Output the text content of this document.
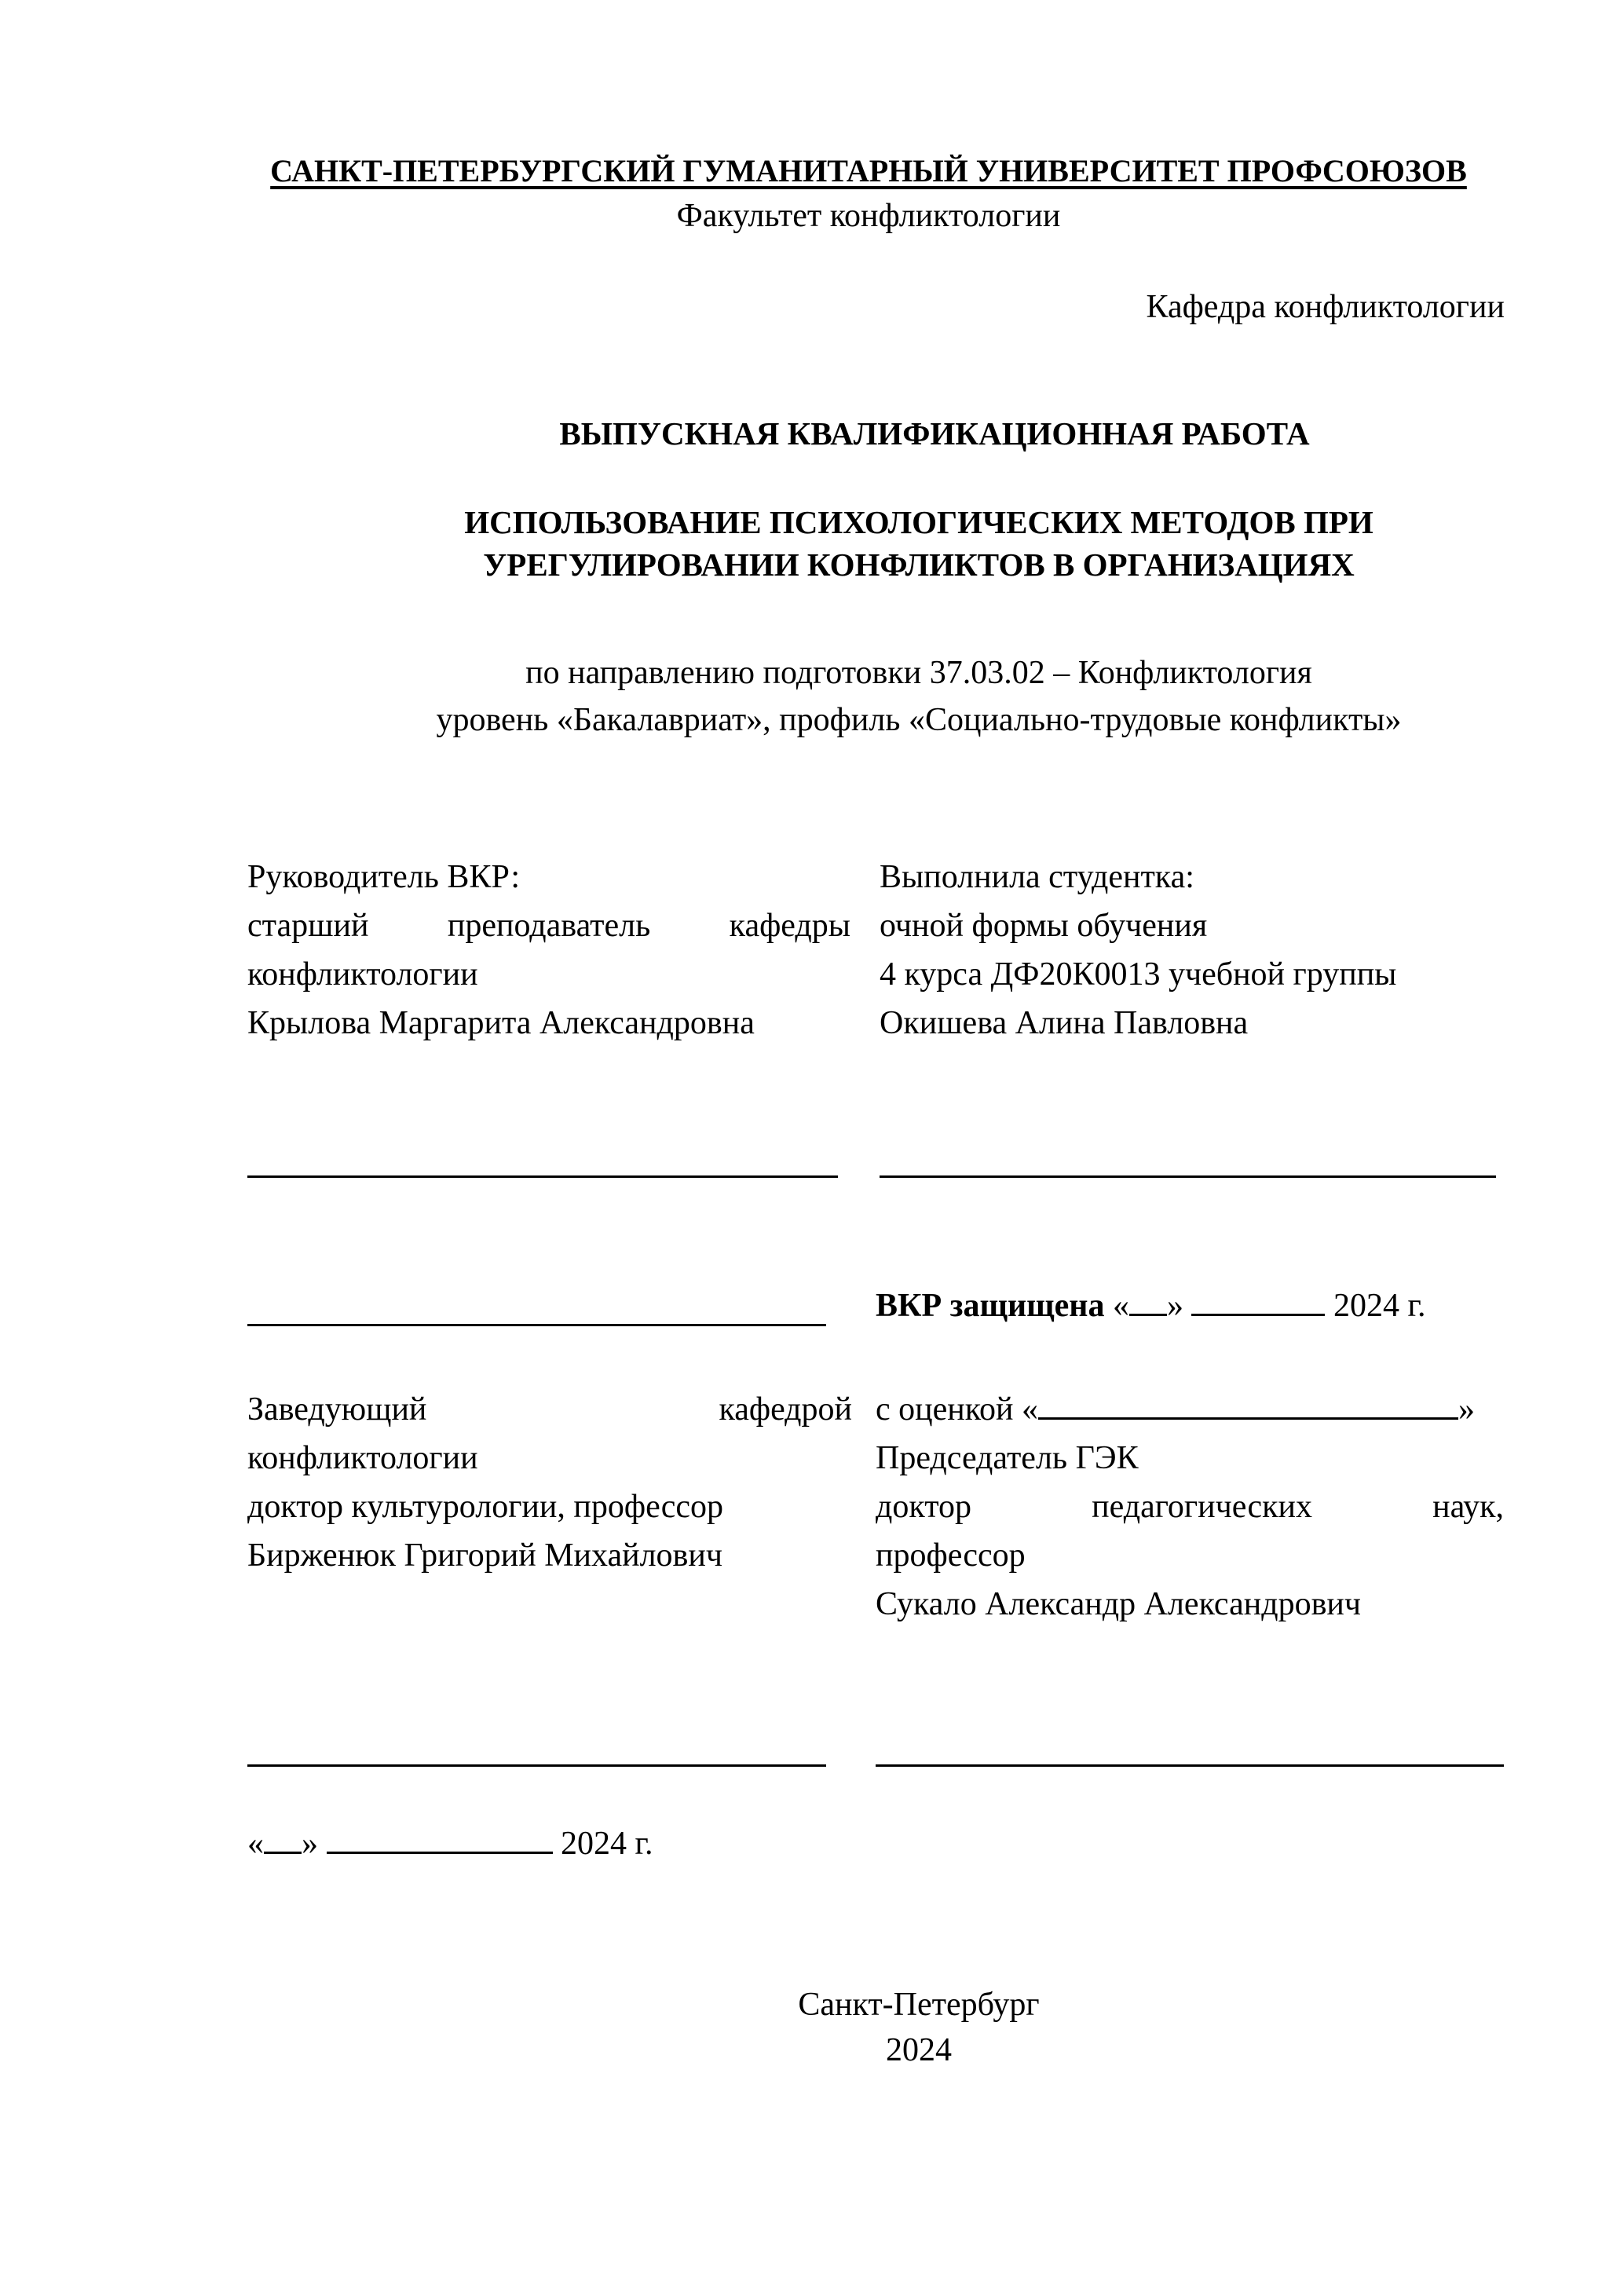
САНКТ-ПЕТЕРБУРГСКИЙ ГУМАНИТАРНЫЙ УНИВЕРСИТЕТ ПРОФСОЮЗОВ
Факультет конфликтологии
Кафедра конфликтологии
ВЫПУСКНАЯ КВАЛИФИКАЦИОННАЯ РАБОТА
ИСПОЛЬЗОВАНИЕ ПСИХОЛОГИЧЕСКИХ МЕТОДОВ ПРИ
УРЕГУЛИРОВАНИИ КОНФЛИКТОВ В ОРГАНИЗАЦИЯХ
по направлению подготовки 37.03.02 – Конфликтология
уровень «Бакалавриат», профиль «Социально-трудовые конфликты»
Руководитель ВКР:
старший преподаватель кафедры
конфликтологии
Крылова Маргарита Александровна
Выполнила студентка:
очной формы обучения
4 курса ДФ20К0013 учебной группы
Окишева Алина Павловна
ВКР защищена « »	2024 г.
Заведующий	кафедрой
конфликтологии
доктор культурологии, профессор
Бирженюк Григорий Михайлович
с оценкой «	»
Председатель ГЭК
доктор	педагогических	наук,
профессор
Сукало Александр Александрович
« »	2024 г.
Санкт-Петербург
2024
